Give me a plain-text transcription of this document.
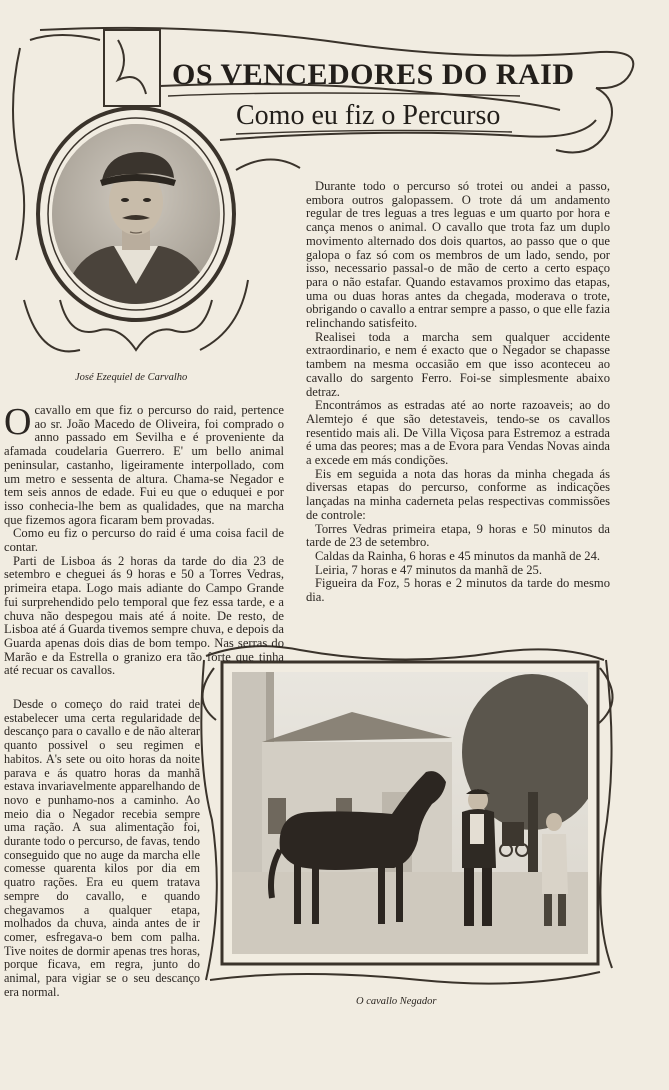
OS VENCEDORES DO RAID
Como eu fiz o Percurso
José Ezequiel de Carvalho

O cavallo em que fiz o percurso do raid, pertence ao sr. João Macedo de Oliveira, foi comprado o anno passado em Sevilha e é proveniente da afamada coudelaria Guerrero. E' um bello animal peninsular, castanho, ligeiramente interpollado, com um metro e sessenta de altura. Chama-se Negador e tem seis annos de edade. Fui eu que o eduquei e por isso conhecia-lhe bem as qualidades, que na marcha que fizemos agora ficaram bem provadas.

Como eu fiz o percurso do raid é uma coisa facil de contar.

Parti de Lisboa ás 2 horas da tarde do dia 23 de setembro e cheguei ás 9 horas e 50 a Torres Vedras, primeira etapa. Logo mais adiante do Campo Grande fui surprehendido pelo temporal que fez essa tarde, e a chuva não despegou mais até á noite. De resto, de Lisboa até á Guarda tivemos sempre chuva, e depois da Guarda apenas dois dias de bom tempo. Nas serras do Marão e da Estrella o granizo era tão forte que tinha até recuar os cavallos.

Desde o começo do raid tratei de estabelecer uma certa regularidade de descanço para o cavallo e de não alterar quanto possivel o seu regimen e habitos. A's sete ou oito horas da noite parava e ás quatro horas da manhã estava invariavelmente apparelhando de novo e punhamo-nos a caminho. Ao meio dia o Negador recebia sempre uma ração. A sua alimentação foi, durante todo o percurso, de favas, tendo conseguido que no auge da marcha elle comesse quarenta kilos por dia em quatro rações. Era eu quem tratava sempre do cavallo, e quando chegavamos a qualquer etapa, molhados da chuva, ainda antes de ir comer, esfregava-o bem com palha. Tive noites de dormir apenas tres horas, porque ficava, em regra, junto do animal, para vigiar se o seu descanço era normal.

Durante todo o percurso só trotei ou andei a passo, embora outros galopassem. O trote dá um andamento regular de tres leguas a tres leguas e um quarto por hora e cança menos o animal. O cavallo que trota faz um duplo movimento alternado dos dois quartos, ao passo que o que galopa o faz só com os membros de um lado, sendo, por isso, necessario passal-o de mão de certo a certo espaço para o não estafar. Quando estavamos proximo das etapas, uma ou duas horas antes da chegada, moderava o trote, obrigando o cavallo a entrar sempre a passo, o que elle fazia relinchando satisfeito.

Realisei toda a marcha sem qualquer accidente extraordinario, e nem é exacto que o Negador se chapasse tambem na mesma occasião em que isso aconteceu ao cavallo do sargento Ferro. Foi-se simplesmente abaixo detraz.

Encontrámos as estradas até ao norte razoaveis; ao do Alemtejo é que são detestaveis, tendo-se os cavallos resentido mais ali. De Villa Viçosa para Estremoz a estrada é uma das peores; mas a de Evora para Vendas Novas ainda a excede em más condições.

Eis em seguida a nota das horas da minha chegada ás diversas etapas do percurso, conforme as indicações lançadas na minha caderneta pelas respectivas commissões de controle:

Torres Vedras primeira etapa, 9 horas e 50 minutos da tarde de 23 de setembro.

Caldas da Rainha, 6 horas e 45 minutos da manhã de 24.

Leiria, 7 horas e 47 minutos da manhã de 25.

Figueira da Foz, 5 horas e 2 minutos da tarde do mesmo dia.

O cavallo Negador
